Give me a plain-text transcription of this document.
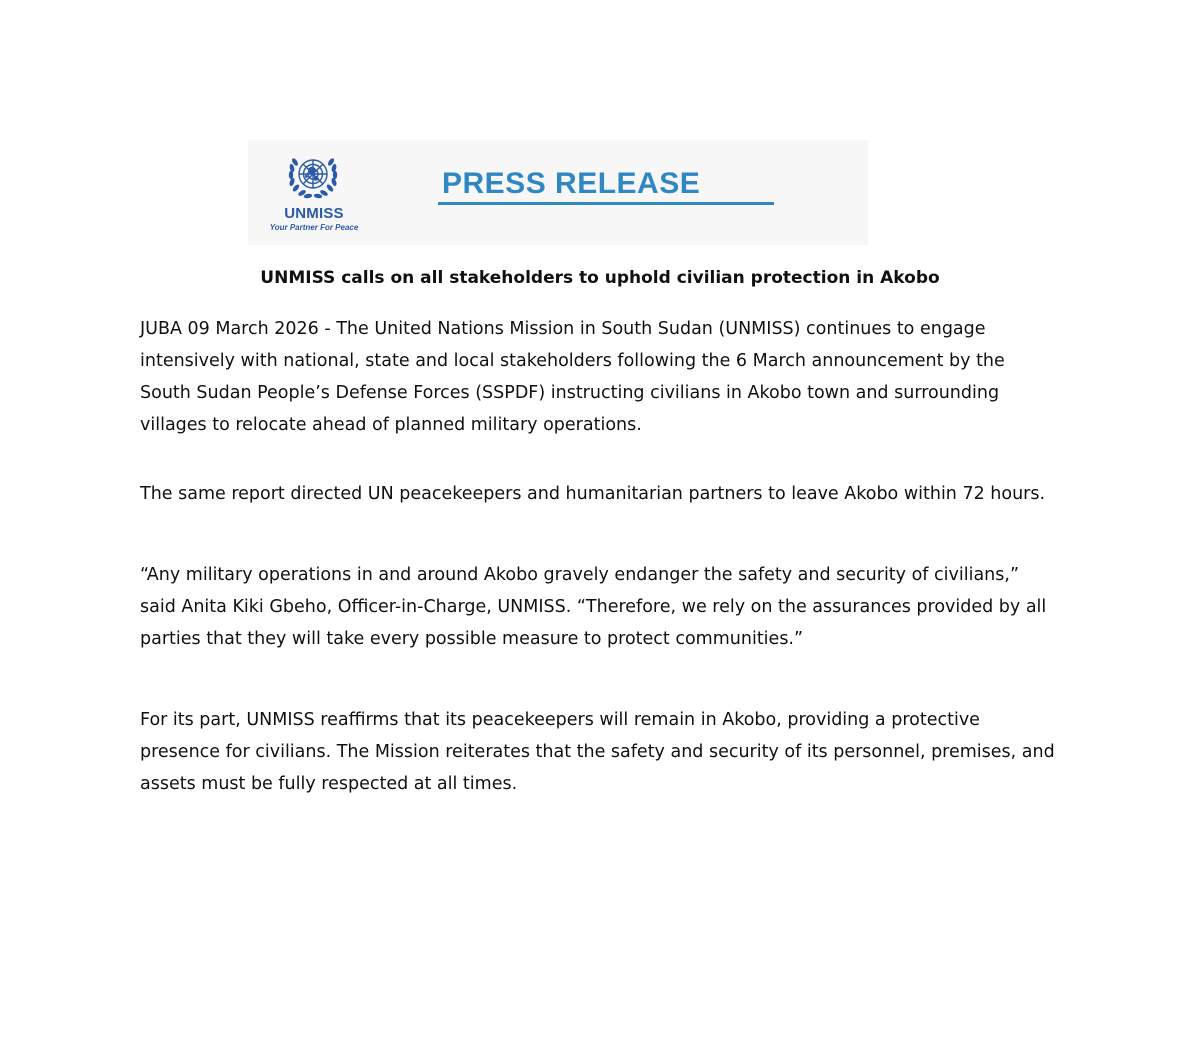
UNMISS
Your Partner For Peace
PRESS RELEASE
UNMISS calls on all stakeholders to uphold civilian protection in Akobo
JUBA 09 March 2026 - The United Nations Mission in South Sudan (UNMISS) continues to engage intensively with national, state and local stakeholders following the 6 March announcement by the South Sudan People’s Defense Forces (SSPDF) instructing civilians in Akobo town and surrounding villages to relocate ahead of planned military operations.
The same report directed UN peacekeepers and humanitarian partners to leave Akobo within 72 hours.
“Any military operations in and around Akobo gravely endanger the safety and security of civilians,” said Anita Kiki Gbeho, Officer-in-Charge, UNMISS. “Therefore, we rely on the assurances provided by all parties that they will take every possible measure to protect communities.”
For its part, UNMISS reaffirms that its peacekeepers will remain in Akobo, providing a protective presence for civilians. The Mission reiterates that the safety and security of its personnel, premises, and assets must be fully respected at all times.
